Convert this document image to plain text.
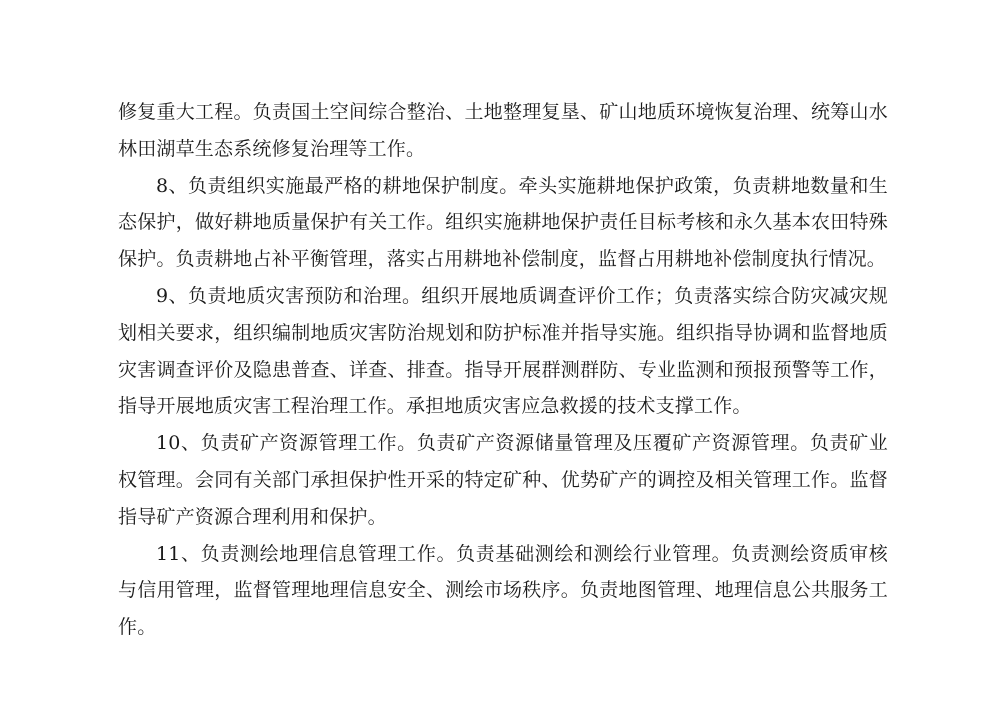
修复重大工程。负责国土空间综合整治、土地整理复垦、矿山地质环境恢复治理、统筹山水林田湖草生态系统修复治理等工作。

8、负责组织实施最严格的耕地保护制度。牵头实施耕地保护政策，负责耕地数量和生态保护，做好耕地质量保护有关工作。组织实施耕地保护责任目标考核和永久基本农田特殊保护。负责耕地占补平衡管理，落实占用耕地补偿制度，监督占用耕地补偿制度执行情况。

9、负责地质灾害预防和治理。组织开展地质调查评价工作；负责落实综合防灾减灾规划相关要求，组织编制地质灾害防治规划和防护标准并指导实施。组织指导协调和监督地质灾害调查评价及隐患普查、详查、排查。指导开展群测群防、专业监测和预报预警等工作，指导开展地质灾害工程治理工作。承担地质灾害应急救援的技术支撑工作。

10、负责矿产资源管理工作。负责矿产资源储量管理及压覆矿产资源管理。负责矿业权管理。会同有关部门承担保护性开采的特定矿种、优势矿产的调控及相关管理工作。监督指导矿产资源合理利用和保护。

11、负责测绘地理信息管理工作。负责基础测绘和测绘行业管理。负责测绘资质审核与信用管理，监督管理地理信息安全、测绘市场秩序。负责地图管理、地理信息公共服务工作。
